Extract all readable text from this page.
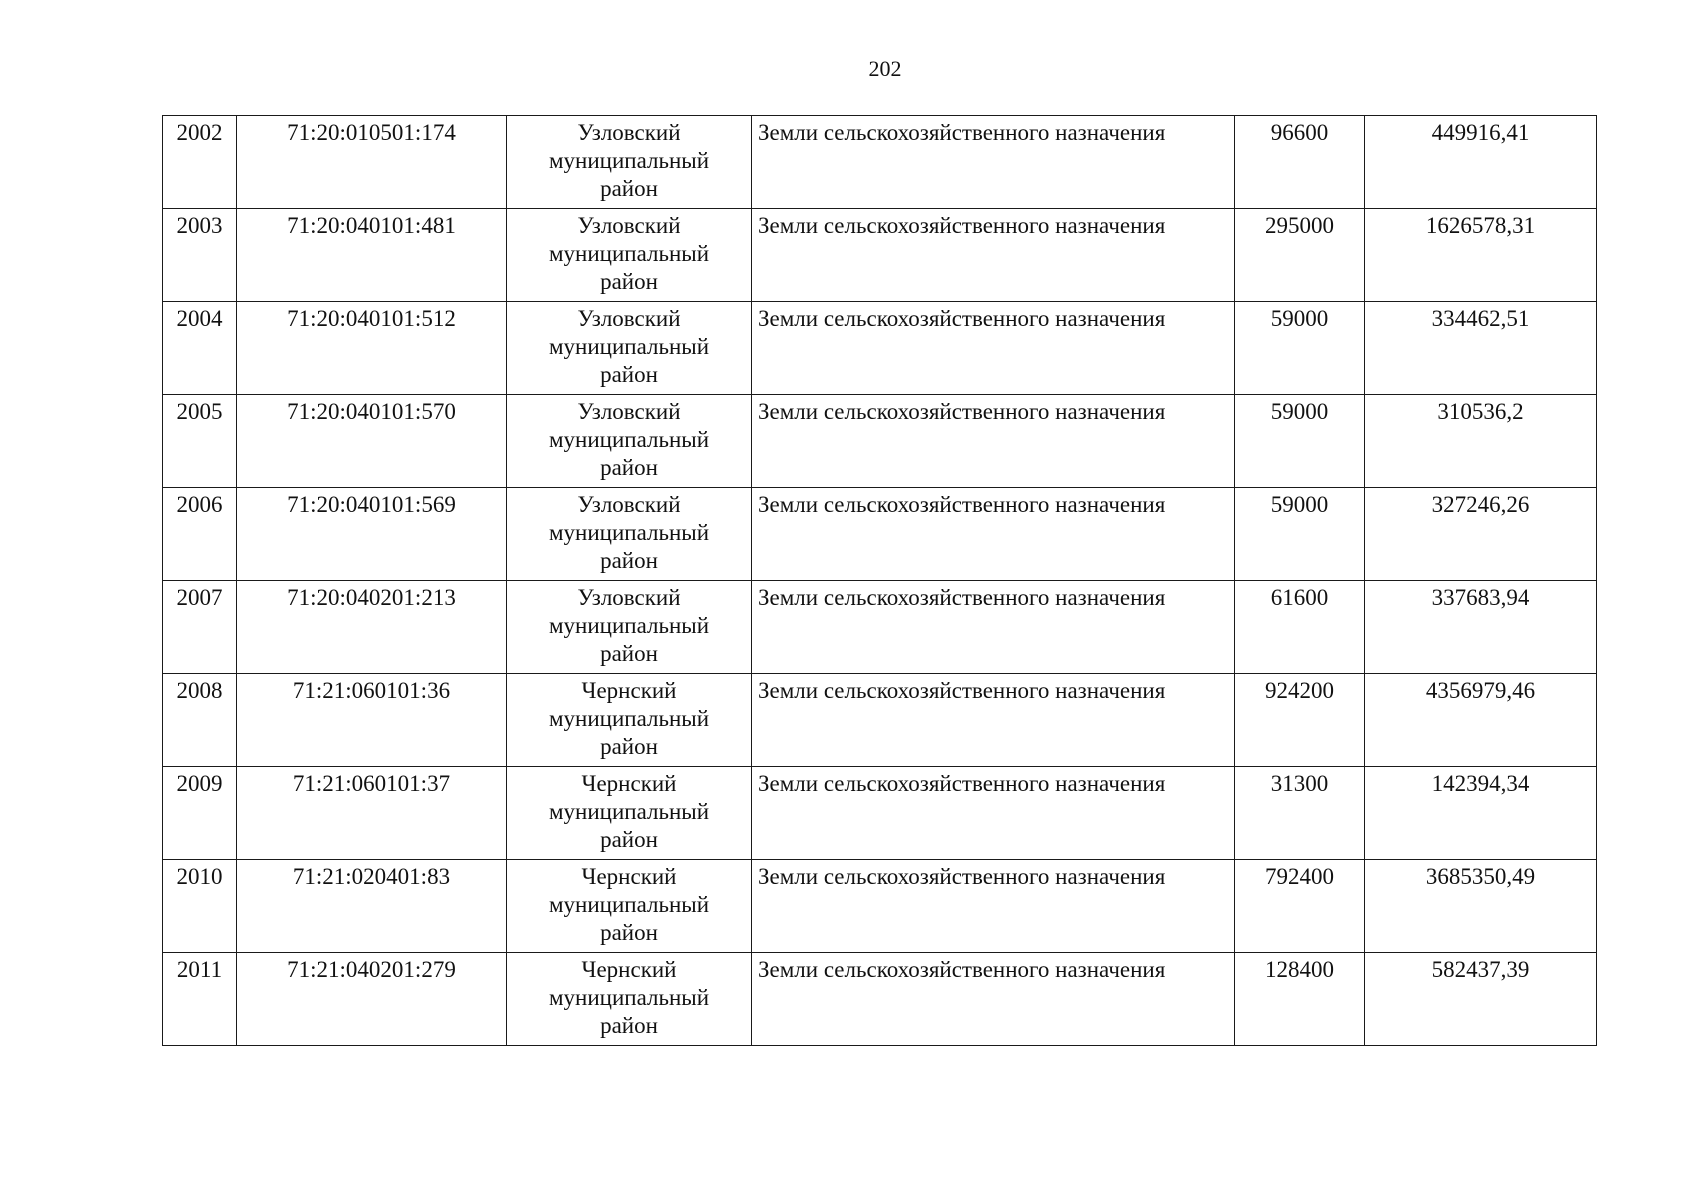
202
2002	71:20:010501:174	Узловский
муниципальный
район	Земли сельскохозяйственного назначения	96600	449916,41
2003	71:20:040101:481	Узловский
муниципальный
район	Земли сельскохозяйственного назначения	295000	1626578,31
2004	71:20:040101:512	Узловский
муниципальный
район	Земли сельскохозяйственного назначения	59000	334462,51
2005	71:20:040101:570	Узловский
муниципальный
район	Земли сельскохозяйственного назначения	59000	310536,2
2006	71:20:040101:569	Узловский
муниципальный
район	Земли сельскохозяйственного назначения	59000	327246,26
2007	71:20:040201:213	Узловский
муниципальный
район	Земли сельскохозяйственного назначения	61600	337683,94
2008	71:21:060101:36	Чернский
муниципальный
район	Земли сельскохозяйственного назначения	924200	4356979,46
2009	71:21:060101:37	Чернский
муниципальный
район	Земли сельскохозяйственного назначения	31300	142394,34
2010	71:21:020401:83	Чернский
муниципальный
район	Земли сельскохозяйственного назначения	792400	3685350,49
2011	71:21:040201:279	Чернский
муниципальный
район	Земли сельскохозяйственного назначения	128400	582437,39
